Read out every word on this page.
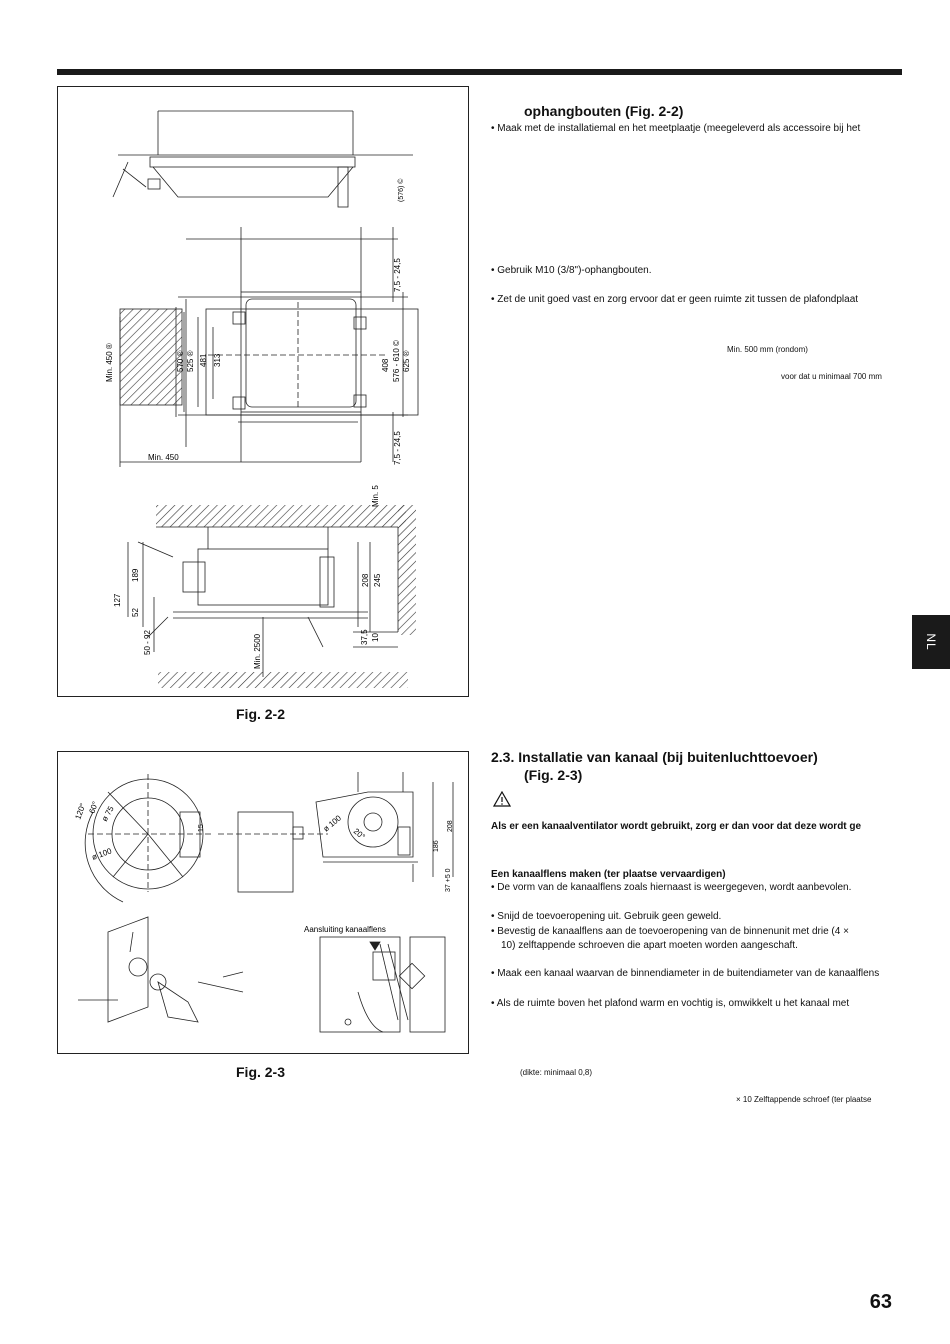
(576) ©
7,5 - 24,5
Min. 450 ®	570 ® 525 ® 481 313	408 576 - 610 © 625 ®
7,5 - 24,5
Min. 450
Min. 5
189
127
52
50 - 92	Min. 2500
208 245
37,5 10
Fig. 2-2
120° 60° ø 75
ø 100
15	ø 100
20°
186
208
37 +5 0
Aansluiting kanaalflens
Fig. 2-3
ophangbouten (Fig. 2-2)
• Maak met de installatiemal en het meetplaatje (meegeleverd als accessoire bij het
• Gebruik M10 (3/8")-ophangbouten.
• Zet de unit goed vast en zorg ervoor dat er geen ruimte zit tussen de plafondplaat
Min. 500 mm (rondom)
voor dat u minimaal 700 mm
2.3. Installatie van kanaal (bij buitenluchttoevoer)
(Fig. 2-3)
Als er een kanaalventilator wordt gebruikt, zorg er dan voor dat deze wordt ge
Een kanaalflens maken (ter plaatse vervaardigen)
• De vorm van de kanaalflens zoals hiernaast is weergegeven, wordt aanbevolen.
• Snijd de toevoeropening uit. Gebruik geen geweld.
• Bevestig de kanaalflens aan de toevoeropening van de binnenunit met drie (4 ×
10) zelftappende schroeven die apart moeten worden aangeschaft.
• Maak een kanaal waarvan de binnendiameter in de buitendiameter van de kanaalflens
• Als de ruimte boven het plafond warm en vochtig is, omwikkelt u het kanaal met
(dikte: minimaal 0,8)
× 10 Zelftappende schroef (ter plaatse
NL
63
